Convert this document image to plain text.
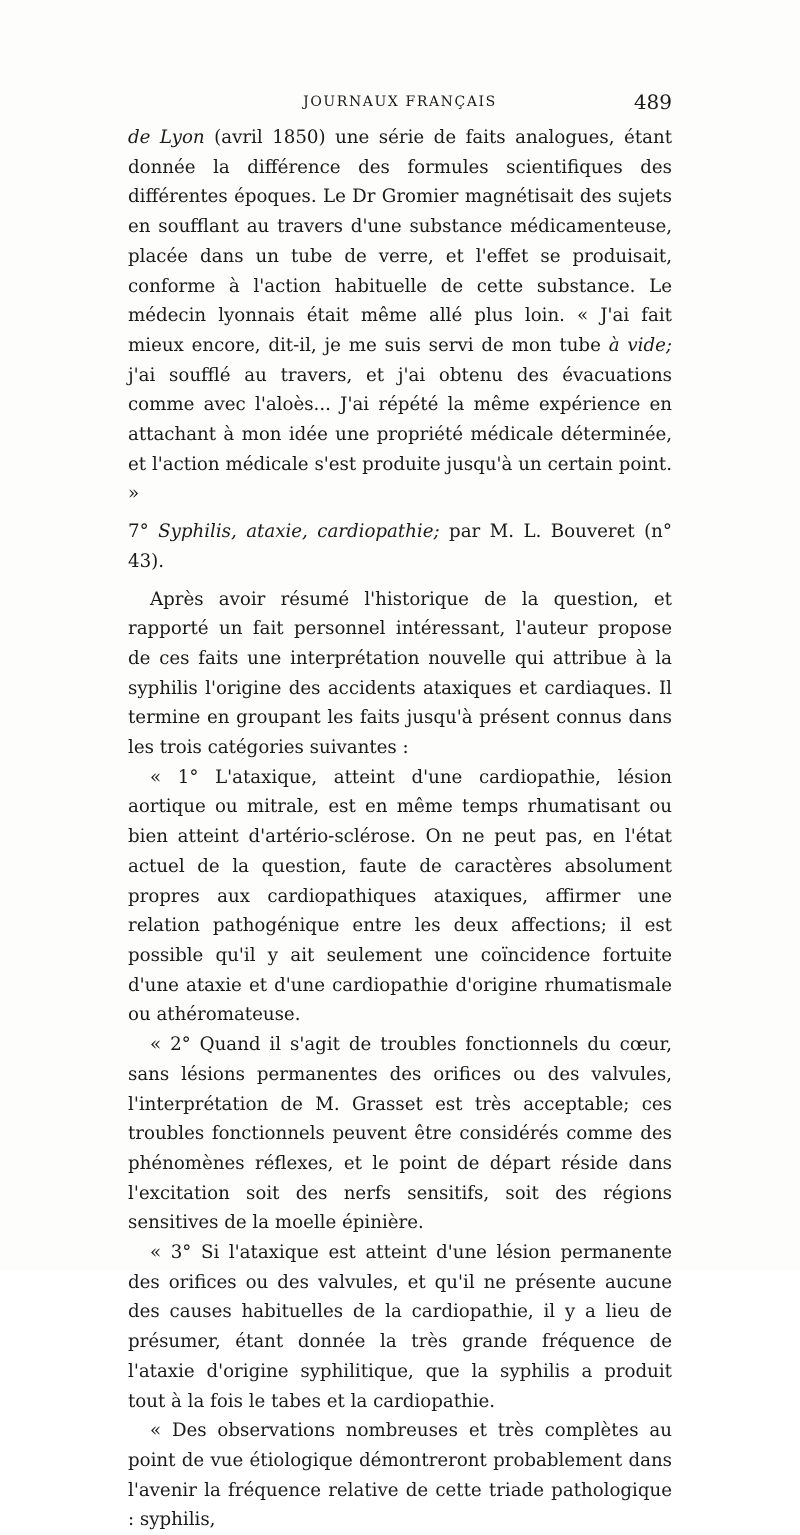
JOURNAUX FRANÇAIS	489

de Lyon (avril 1850) une série de faits analogues, étant donnée la différence des formules scientifiques des différentes époques. Le Dr Gromier magnétisait des sujets en soufflant au travers d'une substance médicamenteuse, placée dans un tube de verre, et l'effet se produisait, conforme à l'action habituelle de cette substance. Le médecin lyonnais était même allé plus loin. « J'ai fait mieux encore, dit-il, je me suis servi de mon tube à vide; j'ai soufflé au travers, et j'ai obtenu des évacuations comme avec l'aloès... J'ai répété la même expérience en attachant à mon idée une propriété médicale déterminée, et l'action médicale s'est produite jusqu'à un certain point. »

7° Syphilis, ataxie, cardiopathie; par M. L. Bouveret (n° 43).

Après avoir résumé l'historique de la question, et rapporté un fait personnel intéressant, l'auteur propose de ces faits une interprétation nouvelle qui attribue à la syphilis l'origine des accidents ataxiques et cardiaques. Il termine en groupant les faits jusqu'à présent connus dans les trois catégories suivantes :

« 1° L'ataxique, atteint d'une cardiopathie, lésion aortique ou mitrale, est en même temps rhumatisant ou bien atteint d'artério-sclérose. On ne peut pas, en l'état actuel de la question, faute de caractères absolument propres aux cardiopathiques ataxiques, affirmer une relation pathogénique entre les deux affections; il est possible qu'il y ait seulement une coïncidence fortuite d'une ataxie et d'une cardiopathie d'origine rhumatismale ou athéromateuse.

« 2° Quand il s'agit de troubles fonctionnels du cœur, sans lésions permanentes des orifices ou des valvules, l'interprétation de M. Grasset est très acceptable; ces troubles fonctionnels peuvent être considérés comme des phénomènes réflexes, et le point de départ réside dans l'excitation soit des nerfs sensitifs, soit des régions sensitives de la moelle épinière.

« 3° Si l'ataxique est atteint d'une lésion permanente des orifices ou des valvules, et qu'il ne présente aucune des causes habituelles de la cardiopathie, il y a lieu de présumer, étant donnée la très grande fréquence de l'ataxie d'origine syphilitique, que la syphilis a produit tout à la fois le tabes et la cardiopathie.

« Des observations nombreuses et très complètes au point de vue étiologique démontreront probablement dans l'avenir la fréquence relative de cette triade pathologique : syphilis,
